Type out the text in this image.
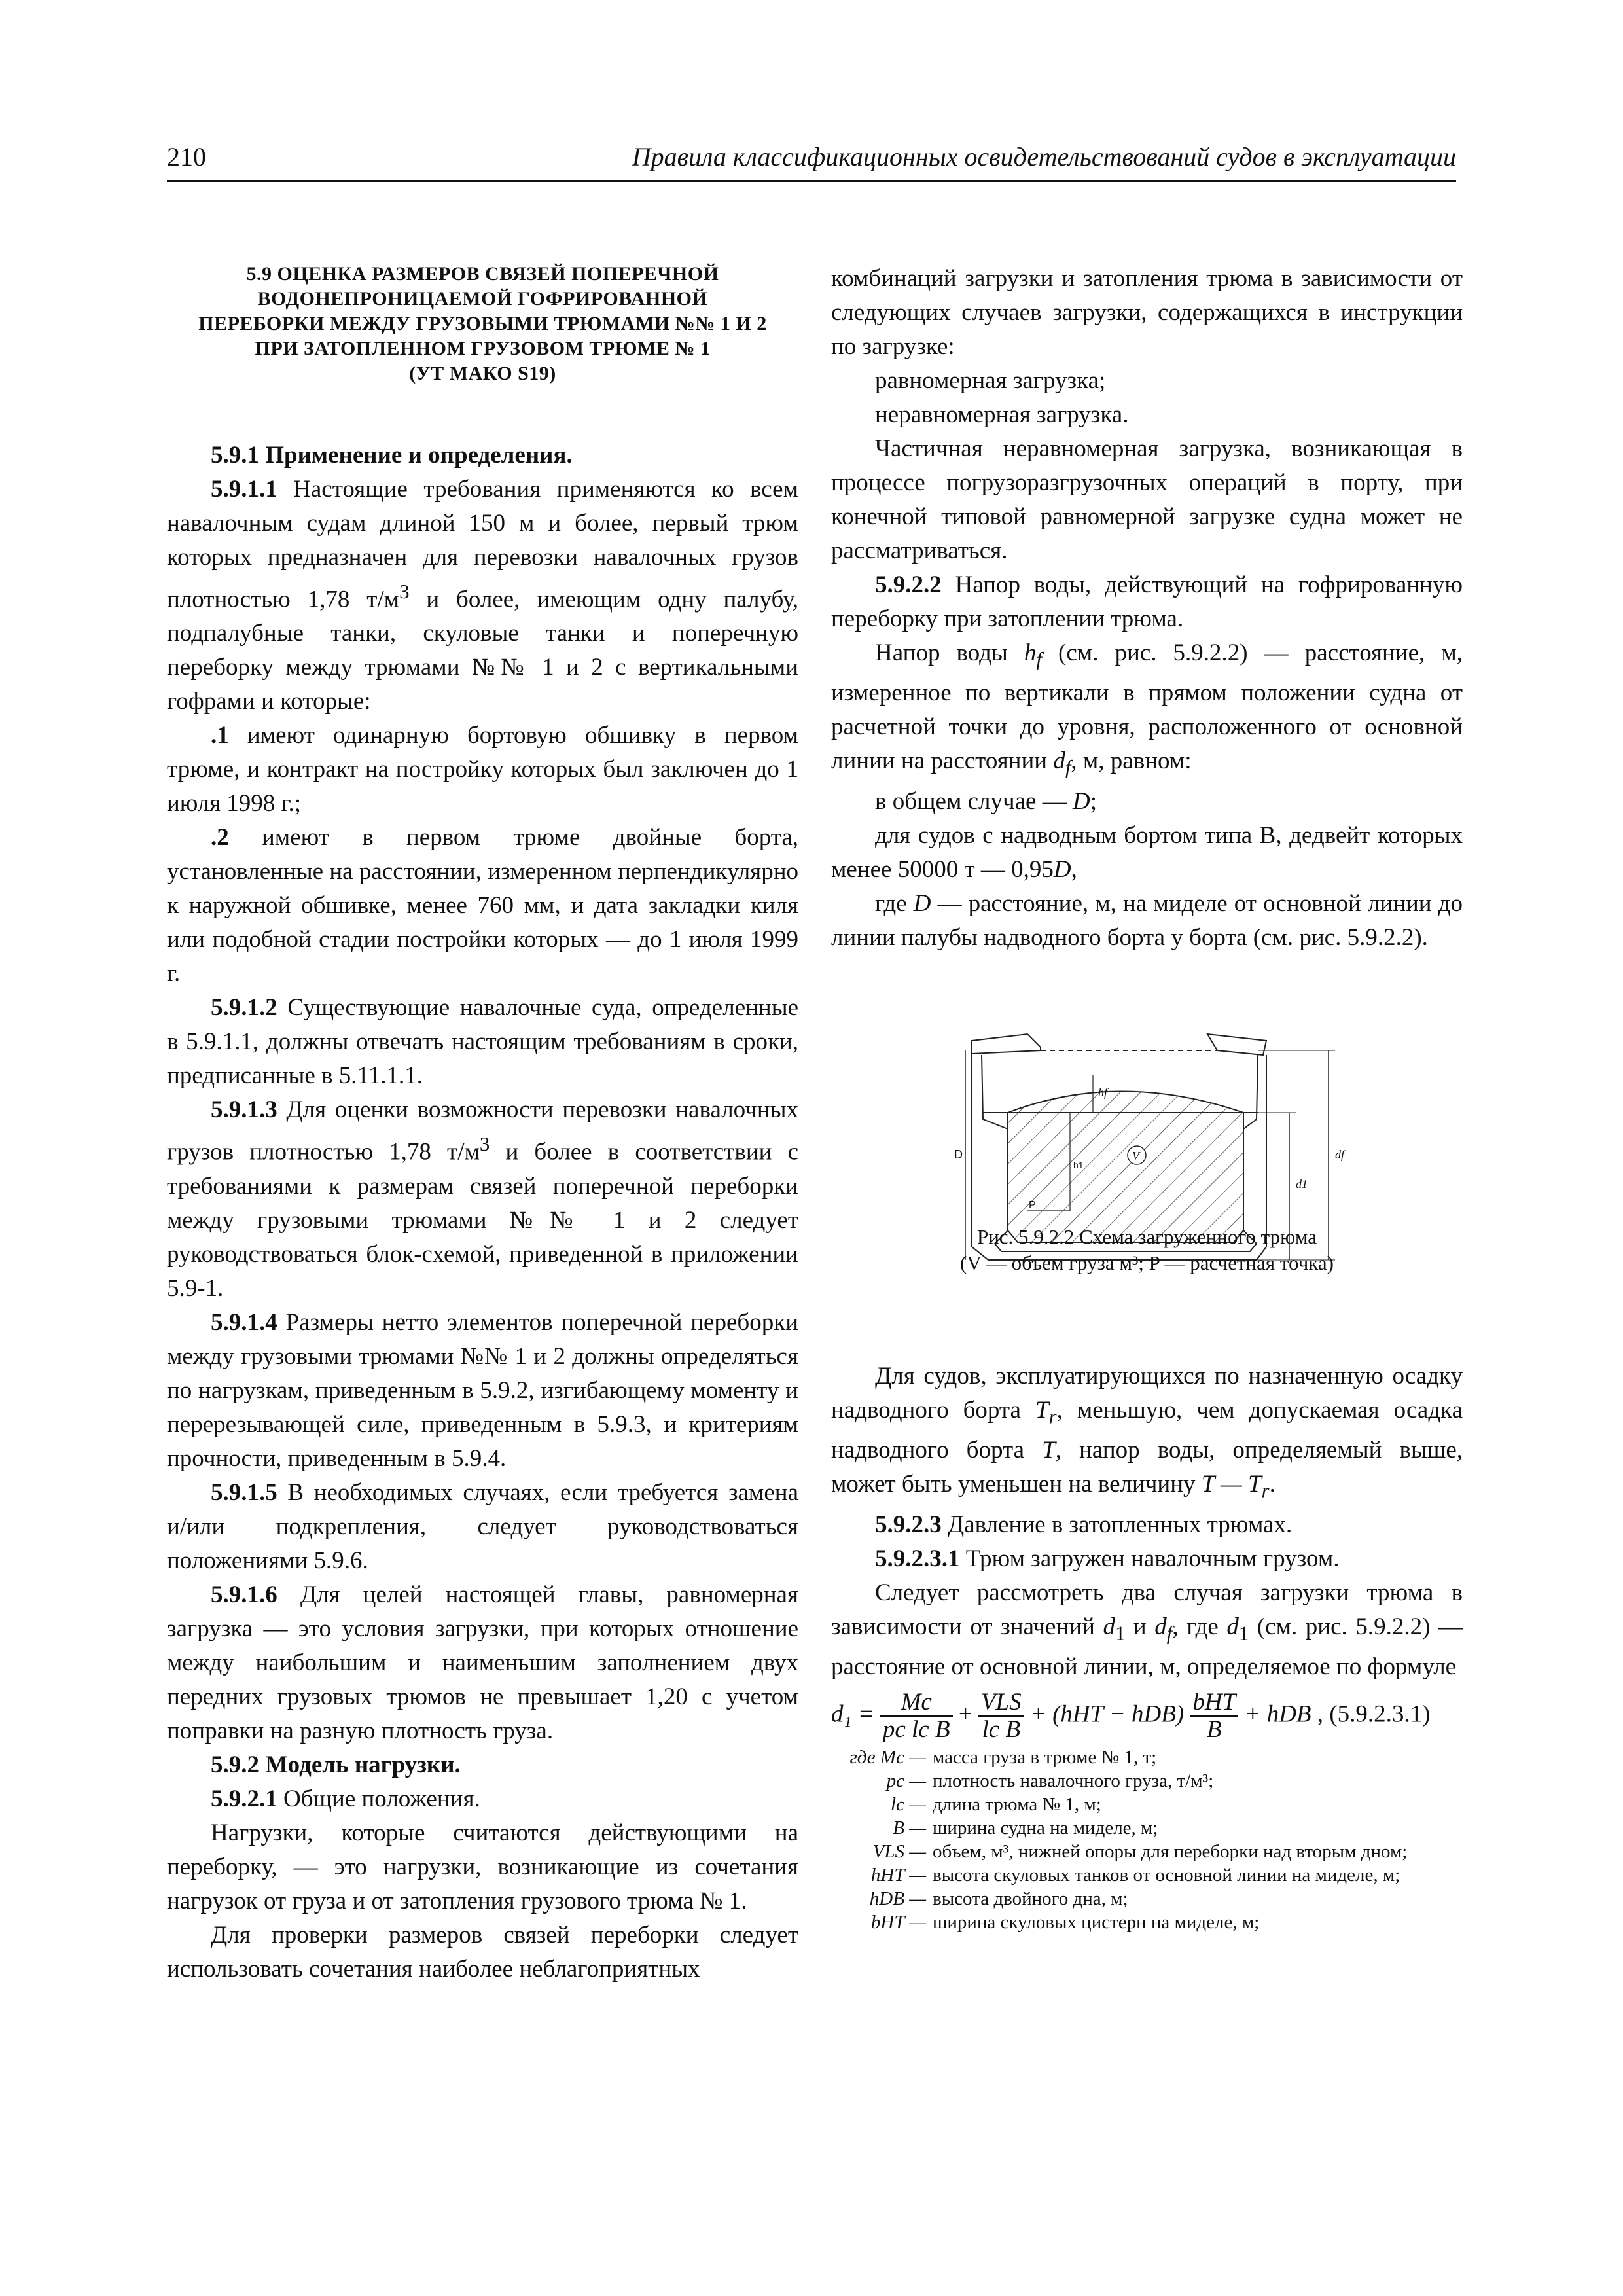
210	Правила классификационных освидетельствований судов в эксплуатации
5.9 ОЦЕНКА РАЗМЕРОВ СВЯЗЕЙ ПОПЕРЕЧНОЙ
ВОДОНЕПРОНИЦАЕМОЙ ГОФРИРОВАННОЙ
ПЕРЕБОРКИ МЕЖДУ ГРУЗОВЫМИ ТРЮМАМИ №№ 1 И 2
ПРИ ЗАТОПЛЕННОМ ГРУЗОВОМ ТРЮМЕ № 1
(УТ МАКО S19)

5.9.1 Применение и определения.

5.9.1.1 Настоящие требования применяются ко всем навалочным судам длиной 150 м и более, первый трюм которых предназначен для перевозки навалочных грузов плотностью 1,78 $т/м^3$ и более, имеющим одну палубу, подпалубные танки, скуловые танки и поперечную переборку между трюмами №№ 1 и 2 с вертикальными гофрами и которые:

.1 имеют одинарную бортовую обшивку в первом трюме, и контракт на постройку которых был заключен до 1 июля 1998 г.;

.2 имеют в первом трюме двойные борта, установленные на расстоянии, измеренном перпендикулярно к наружной обшивке, менее 760 мм, и дата закладки киля или подобной стадии постройки которых — до 1 июля 1999 г.

5.9.1.2 Существующие навалочные суда, определенные в 5.9.1.1, должны отвечать настоящим требованиям в сроки, предписанные в 5.11.1.1.

5.9.1.3 Для оценки возможности перевозки навалочных грузов плотностью 1,78 $т/м^3$ и более в соответствии с требованиями к размерам связей поперечной переборки между грузовыми трюмами №№ 1 и 2 следует руководствоваться блок-схемой, приведенной в приложении 5.9-1.

5.9.1.4 Размеры нетто элементов поперечной переборки между грузовыми трюмами №№ 1 и 2 должны определяться по нагрузкам, приведенным в 5.9.2, изгибающему моменту и перерезывающей силе, приведенным в 5.9.3, и критериям прочности, приведенным в 5.9.4.

5.9.1.5 В необходимых случаях, если требуется замена и/или подкрепления, следует руководствоваться положениями 5.9.6.

5.9.1.6 Для целей настоящей главы, равномерная загрузка — это условия загрузки, при которых отношение между наибольшим и наименьшим заполнением двух передних грузовых трюмов не превышает 1,20 с учетом поправки на разную плотность груза.

5.9.2 Модель нагрузки.

5.9.2.1 Общие положения.

Нагрузки, которые считаются действующими на переборку, — это нагрузки, возникающие из сочетания нагрузок от груза и от затопления грузового трюма № 1.

Для проверки размеров связей переборки следует использовать сочетания наиболее неблагоприятных

комбинаций загрузки и затопления трюма в зависимости от следующих случаев загрузки, содержащихся в инструкции по загрузке:

равномерная загрузка;

неравномерная загрузка.

Частичная неравномерная загрузка, возникающая в процессе погрузоразгрузочных операций в порту, при конечной типовой равномерной загрузке судна может не рассматриваться.

5.9.2.2 Напор воды, действующий на гофрированную переборку при затоплении трюма.

Напор воды $h_f$ (см. рис. 5.9.2.2) — расстояние, м, измеренное по вертикали в прямом положении судна от расчетной точки до уровня, расположенного от основной линии на расстоянии $d_f$, м, равном:

в общем случае — D;

для судов с надводным бортом типа В, дедвейт которых менее 50000 т — 0,95D,

где D — расстояние, м, на миделе от основной линии до линии палубы надводного борта у борта (см. рис. 5.9.2.2).

Для судов, эксплуатирующихся по назначенную осадку надводного борта $T_r$, меньшую, чем допускаемая осадка надводного борта T, напор воды, определяемый выше, может быть уменьшен на величину T — $T_r$.

5.9.2.3 Давление в затопленных трюмах.

5.9.2.3.1 Трюм загружен навалочным грузом.

Следует рассмотреть два случая загрузки трюма в зависимости от значений $d_1$ и $d_f$, где $d_1$ (см. рис. 5.9.2.2) — расстояние от основной линии, м, определяемое по формуле

$d_1 = \frac{Mc}{\text{pc lc B}} + \frac{\text{VLS}}{\text{lc B}} + (hHT - hDB) \frac{\text{bHT}}{B}$ + hDB , (5.9.2.3.1)
где Mc — масса груза в трюме № 1, т;
pc — плотность навалочного груза, т/м³;
lc — длина трюма № 1, м;
B — ширина судна на миделе, м;
VLS — объем, м³, нижней опоры для переборки над вторым дном;
hHT — высота скуловых танков от основной линии на миделе, м;
hDB — высота двойного дна, м;
bHT — ширина скуловых цистерн на миделе, м;
D
hf
df
d1
h1
V
P
Рис. 5.9.2.2 Схема загруженного трюма
(V — объем груза м³; P — расчетная точка)
